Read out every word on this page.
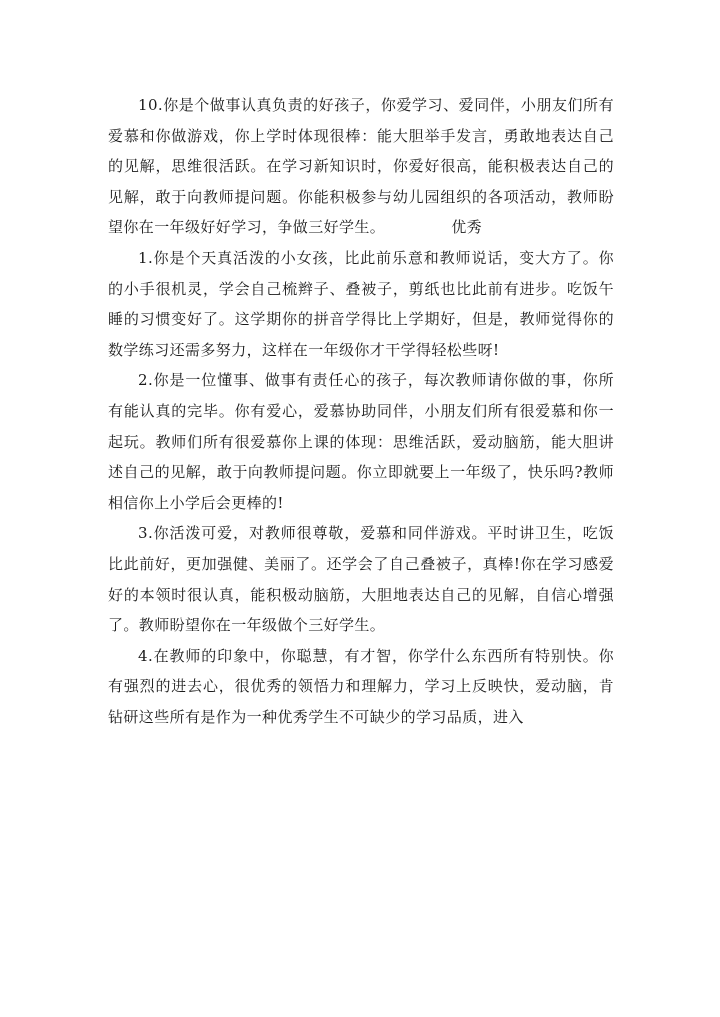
10.你是个做事认真负责的好孩子，你爱学习、爱同伴，小朋友们所有爱慕和你做游戏，你上学时体现很棒：能大胆举手发言，勇敢地表达自己的见解，思维很活跃。在学习新知识时，你爱好很高，能积极表达自己的见解，敢于向教师提问题。你能积极参与幼儿园组织的各项活动，教师盼望你在一年级好好学习，争做三好学生。	优秀

1.你是个天真活泼的小女孩，比此前乐意和教师说话，变大方了。你的小手很机灵，学会自己梳辫子、叠被子，剪纸也比此前有进步。吃饭午睡的习惯变好了。这学期你的拼音学得比上学期好，但是，教师觉得你的数学练习还需多努力，这样在一年级你才干学得轻松些呀!

2.你是一位懂事、做事有责任心的孩子，每次教师请你做的事，你所有能认真的完毕。你有爱心，爱慕协助同伴，小朋友们所有很爱慕和你一起玩。教师们所有很爱慕你上课的体现：思维活跃，爱动脑筋，能大胆讲述自己的见解，敢于向教师提问题。你立即就要上一年级了，快乐吗?教师相信你上小学后会更棒的!

3.你活泼可爱，对教师很尊敬，爱慕和同伴游戏。平时讲卫生，吃饭比此前好，更加强健、美丽了。还学会了自己叠被子，真棒!你在学习感爱好的本领时很认真，能积极动脑筋，大胆地表达自己的见解，自信心增强了。教师盼望你在一年级做个三好学生。

4.在教师的印象中，你聪慧，有才智，你学什么东西所有特别快。你有强烈的进去心，很优秀的领悟力和理解力，学习上反映快，爱动脑，肯钻研这些所有是作为一种优秀学生不可缺少的学习品质，进入
